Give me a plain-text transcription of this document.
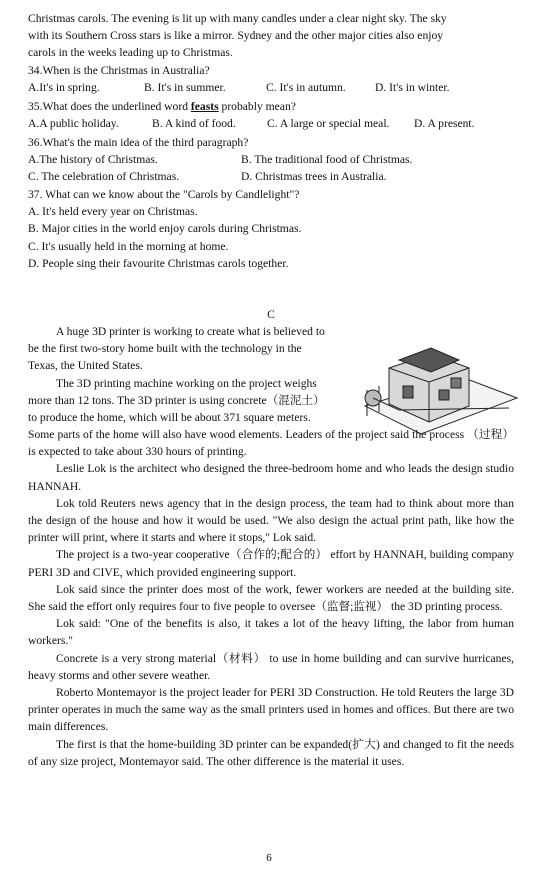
Christmas carols. The evening is lit up with many candles under a clear night sky. The sky
with its Southern Cross stars is like a mirror. Sydney and the other major cities also enjoy
carols in the weeks leading up to Christmas.
34.When is the Christmas in Australia?
A.It's in spring.	B. It's in summer.	C. It's in autumn.	D. It's in winter.
35.What does the underlined word feasts probably mean?
A.A public holiday.	B. A kind of food.	C. A large or special meal.	D. A present.
36.What's the main idea of the third paragraph?
A.The history of Christmas.	B. The traditional food of Christmas.
C. The celebration of Christmas.	D. Christmas trees in Australia.
37. What can we know about the "Carols by Candlelight"?
A. It's held every year on Christmas.
B. Major cities in the world enjoy carols during Christmas.
C. It's usually held in the morning at home.
D. People sing their favourite Christmas carols together.
C
A huge 3D printer is working to create what is believed to
be the first two-story home built with the technology in the
Texas, the United States.
The 3D printing machine working on the project weighs
more than 12 tons. The 3D printer is using concrete（混泥土）
to produce the home, which will be about 371 square meters.

Some parts of the home will also have wood elements. Leaders of the project said the process （过程） is expected to take about 330 hours of printing.

Leslie Lok is the architect who designed the three-bedroom home and who leads the design studio HANNAH.

Lok told Reuters news agency that in the design process, the team had to think about more than the design of the house and how it would be used. "We also design the actual print path, like how the printer will print, where it starts and where it stops," Lok said.

The project is a two-year cooperative（合作的;配合的） effort by HANNAH, building company PERI 3D and CIVE, which provided engineering support.

Lok said since the printer does most of the work, fewer workers are needed at the building site. She said the effort only requires four to five people to oversee（监督;监视） the 3D printing process.

Lok said: "One of the benefits is also, it takes a lot of the heavy lifting, the labor from human workers."

Concrete is a very strong material（材料） to use in home building and can survive hurricanes, heavy storms and other severe weather.

Roberto Montemayor is the project leader for PERI 3D Construction. He told Reuters the large 3D printer operates in much the same way as the small printers used in homes and offices. But there are two main differences.

The first is that the home-building 3D printer can be expanded(扩大) and changed to fit the needs of any size project, Montemayor said. The other difference is the material it uses.

6
